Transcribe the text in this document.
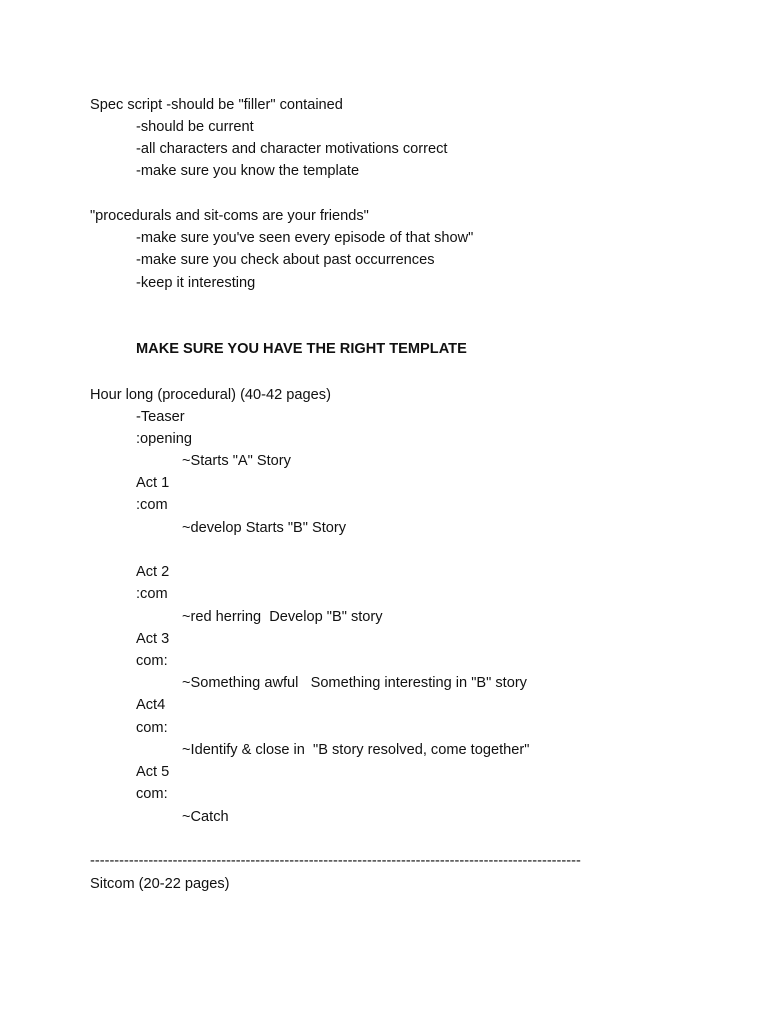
Spec script -should be "filler" contained
-should be current
-all characters and character motivations correct
-make sure you know the template
"procedurals and sit-coms are your friends"
-make sure you've seen every episode of that show"
-make sure you check about past occurrences
-keep it interesting
MAKE SURE YOU HAVE THE RIGHT TEMPLATE
Hour long (procedural) (40-42 pages)
-Teaser
:opening
~Starts "A" Story
Act 1
:com
~develop Starts "B" Story
Act 2
:com
~red herring  Develop "B" story
Act 3
com:
~Something awful   Something interesting in "B" story
Act4
com:
~Identify & close in  "B story resolved, come together"
Act 5
com:
~Catch
-----------------------------------------------------------------------------------------------------
Sitcom (20-22 pages)
